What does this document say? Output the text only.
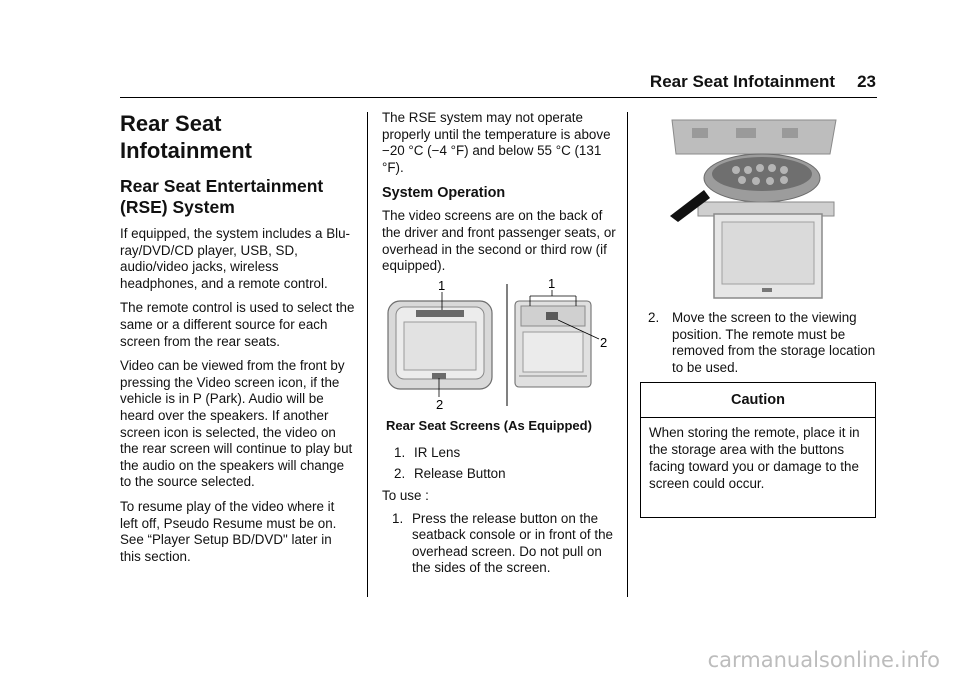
Rear Seat Infotainment 23
Rear Seat Infotainment
Rear Seat Entertainment (RSE) System

If equipped, the system includes a Blu-ray/DVD/CD player, USB, SD, audio/video jacks, wireless headphones, and a remote control.

The remote control is used to select the same or a different source for each screen from the rear seats.

Video can be viewed from the front by pressing the Video screen icon, if the vehicle is in P (Park). Audio will be heard over the speakers. If another screen icon is selected, the video on the rear screen will continue to play but the audio on the speakers will change to the source selected.

To resume play of the video where it left off, Pseudo Resume must be on. See “Player Setup BD/DVD" later in this section.

The RSE system may not operate properly until the temperature is above −20 °C (−4 °F) and below 55 °C (131 °F).

System Operation

The video screens are on the back of the driver and front passenger seats, or overhead in the second or third row (if equipped).

1
2
1
2
Rear Seat Screens (As Equipped)
1. IR Lens
2. Release Button

To use :

1. Press the release button on the seatback console or in front of the overhead screen. Do not pull on the sides of the screen.
2. Move the screen to the viewing position. The remote must be removed from the storage location to be used.
Caution
When storing the remote, place it in the storage area with the buttons facing toward you or damage to the screen could occur.
carmanualsonline.info
